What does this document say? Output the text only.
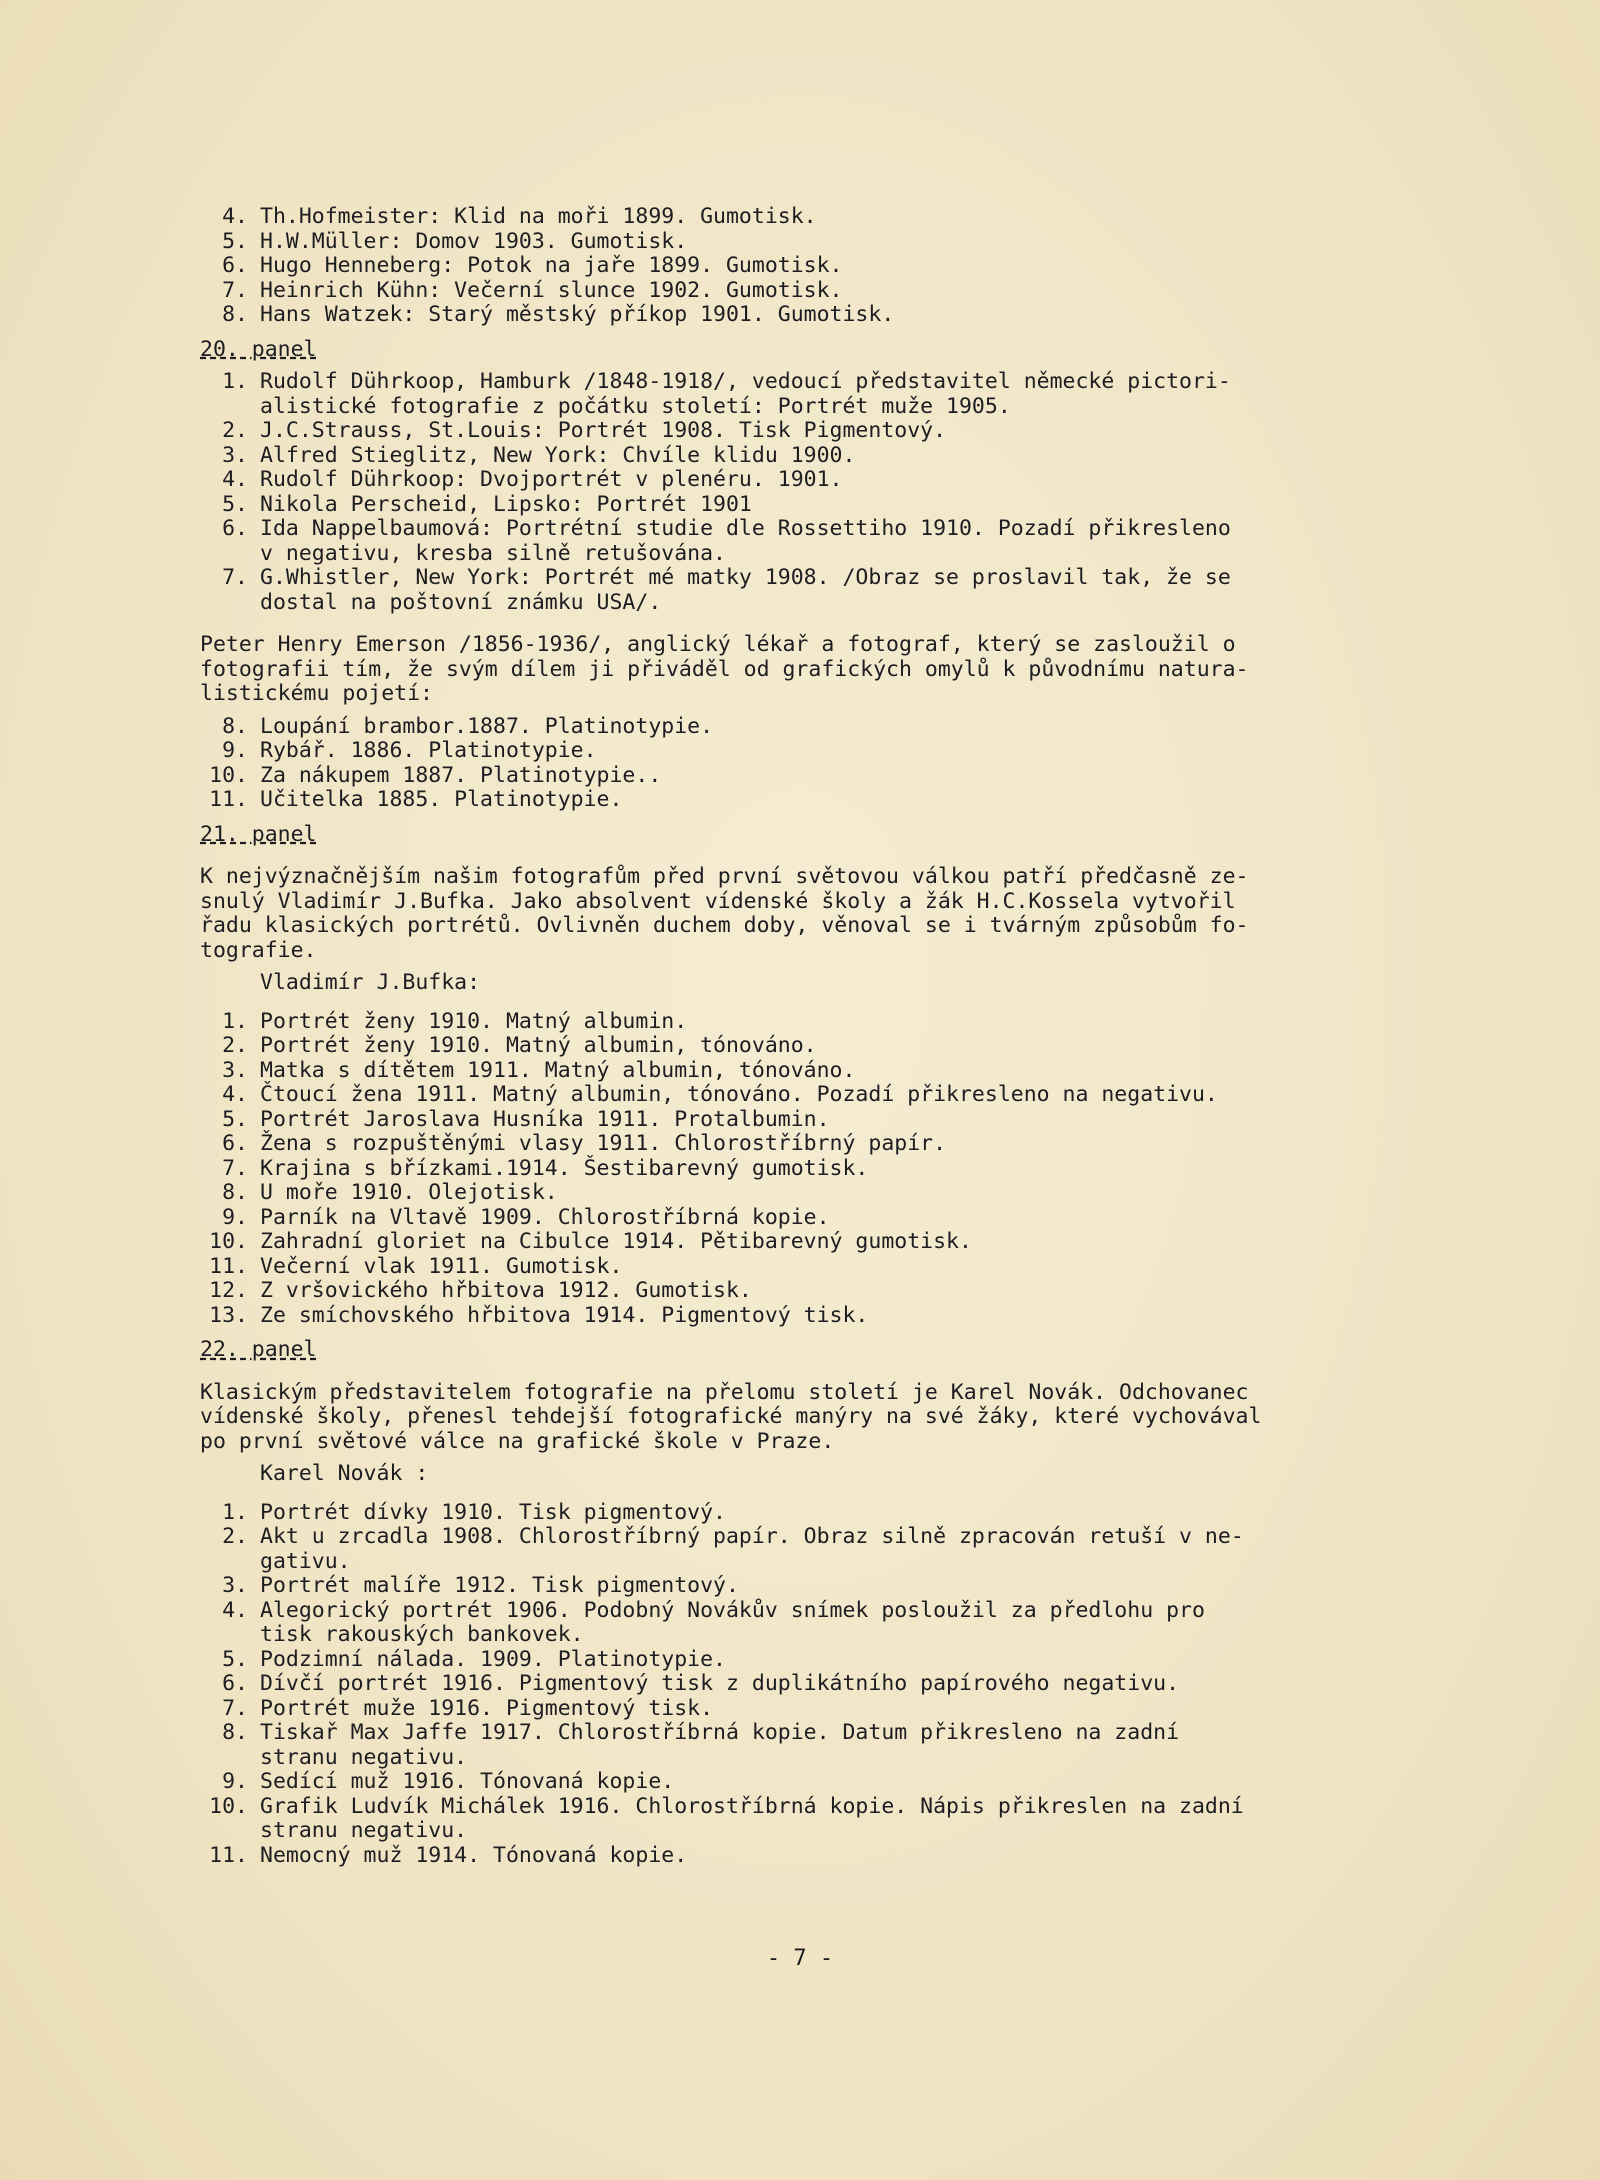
4. Th.Hofmeister: Klid na moři 1899. Gumotisk.
5. H.W.Müller: Domov 1903. Gumotisk.
6. Hugo Henneberg: Potok na jaře 1899. Gumotisk.
7. Heinrich Kühn: Večerní slunce 1902. Gumotisk.
8. Hans Watzek: Starý městský příkop 1901. Gumotisk.
20. panel
1. Rudolf Dührkoop, Hamburk /1848-1918/, vedoucí představitel německé pictori-
alistické fotografie z počátku století: Portrét muže 1905.
2. J.C.Strauss, St.Louis: Portrét 1908. Tisk Pigmentový.
3. Alfred Stieglitz, New York: Chvíle klidu 1900.
4. Rudolf Dührkoop: Dvojportrét v plenéru. 1901.
5. Nikola Perscheid, Lipsko: Portrét 1901
6. Ida Nappelbaumová: Portrétní studie dle Rossettiho 1910. Pozadí přikresleno
v negativu, kresba silně retušována.
7. G.Whistler, New York: Portrét mé matky 1908. /Obraz se proslavil tak, že se
dostal na poštovní známku USA/.
Peter Henry Emerson /1856-1936/, anglický lékař a fotograf, který se zasloužil o
fotografii tím, že svým dílem ji přiváděl od grafických omylů k původnímu natura-
listickému pojetí:
8. Loupání brambor.1887. Platinotypie.
9. Rybář. 1886. Platinotypie.
10. Za nákupem 1887. Platinotypie..
11. Učitelka 1885. Platinotypie.
21. panel
K nejvýznačnějším našim fotografům před první světovou válkou patří předčasně ze-
snulý Vladimír J.Bufka. Jako absolvent vídenské školy a žák H.C.Kossela vytvořil
řadu klasických portrétů. Ovlivněn duchem doby, věnoval se i tvárným způsobům fo-
tografie.
Vladimír J.Bufka:
1. Portrét ženy 1910. Matný albumin.
2. Portrét ženy 1910. Matný albumin, tónováno.
3. Matka s dítětem 1911. Matný albumin, tónováno.
4. Čtoucí žena 1911. Matný albumin, tónováno. Pozadí přikresleno na negativu.
5. Portrét Jaroslava Husníka 1911. Protalbumin.
6. Žena s rozpuštěnými vlasy 1911. Chlorostříbrný papír.
7. Krajina s břízkami.1914. Šestibarevný gumotisk.
8. U moře 1910. Olejotisk.
9. Parník na Vltavě 1909. Chlorostříbrná kopie.
10. Zahradní gloriet na Cibulce 1914. Pětibarevný gumotisk.
11. Večerní vlak 1911. Gumotisk.
12. Z vršovického hřbitova 1912. Gumotisk.
13. Ze smíchovského hřbitova 1914. Pigmentový tisk.
22. panel
Klasickým představitelem fotografie na přelomu století je Karel Novák. Odchovanec
vídenské školy, přenesl tehdejší fotografické manýry na své žáky, které vychovával
po první světové válce na grafické škole v Praze.
Karel Novák :
1. Portrét dívky 1910. Tisk pigmentový.
2. Akt u zrcadla 1908. Chlorostříbrný papír. Obraz silně zpracován retuší v ne-
gativu.
3. Portrét malíře 1912. Tisk pigmentový.
4. Alegorický portrét 1906. Podobný Novákův snímek posloužil za předlohu pro
tisk rakouských bankovek.
5. Podzimní nálada. 1909. Platinotypie.
6. Dívčí portrét 1916. Pigmentový tisk z duplikátního papírového negativu.
7. Portrét muže 1916. Pigmentový tisk.
8. Tiskař Max Jaffe 1917. Chlorostříbrná kopie. Datum přikresleno na zadní
stranu negativu.
9. Sedící muž 1916. Tónovaná kopie.
10. Grafik Ludvík Michálek 1916. Chlorostříbrná kopie. Nápis přikreslen na zadní
stranu negativu.
11. Nemocný muž 1914. Tónovaná kopie.
- 7 -
